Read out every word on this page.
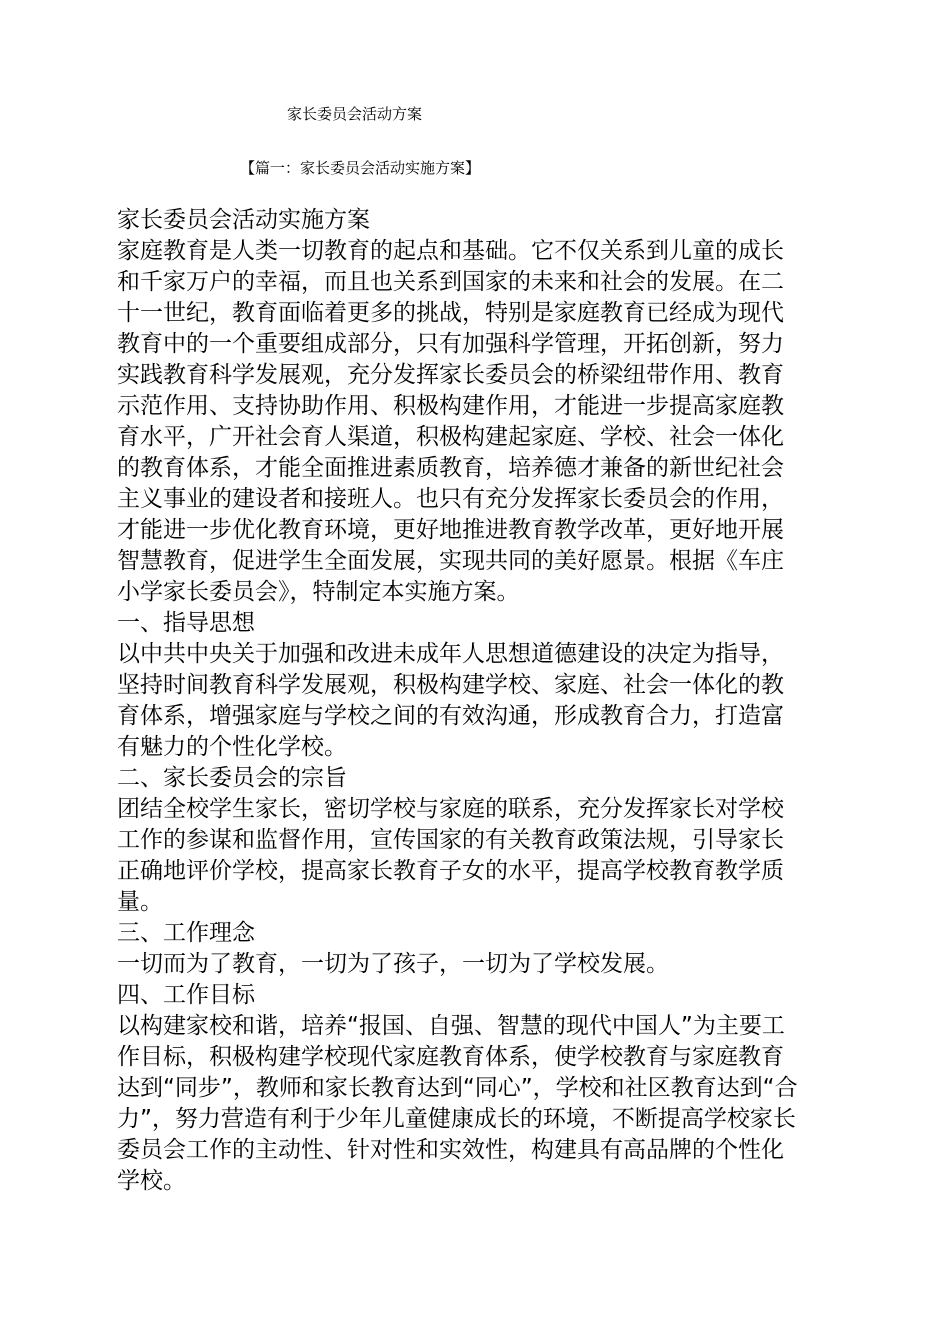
家长委员会活动方案
【篇一：家长委员会活动实施方案】
家长委员会活动实施方案
家庭教育是人类一切教育的起点和基础。它不仅关系到儿童的成长
和千家万户的幸福，而且也关系到国家的未来和社会的发展。在二
十一世纪，教育面临着更多的挑战，特别是家庭教育已经成为现代
教育中的一个重要组成部分，只有加强科学管理，开拓创新，努力
实践教育科学发展观，充分发挥家长委员会的桥梁纽带作用、教育
示范作用、支持协助作用、积极构建作用，才能进一步提高家庭教
育水平，广开社会育人渠道，积极构建起家庭、学校、社会一体化
的教育体系，才能全面推进素质教育，培养德才兼备的新世纪社会
主义事业的建设者和接班人。也只有充分发挥家长委员会的作用，
才能进一步优化教育环境，更好地推进教育教学改革，更好地开展
智慧教育，促进学生全面发展，实现共同的美好愿景。根据《车庄
小学家长委员会》，特制定本实施方案。
一、指导思想
以中共中央关于加强和改进未成年人思想道德建设的决定为指导，
坚持时间教育科学发展观，积极构建学校、家庭、社会一体化的教
育体系，增强家庭与学校之间的有效沟通，形成教育合力，打造富
有魅力的个性化学校。
二、家长委员会的宗旨
团结全校学生家长，密切学校与家庭的联系，充分发挥家长对学校
工作的参谋和监督作用，宣传国家的有关教育政策法规，引导家长
正确地评价学校，提高家长教育子女的水平，提高学校教育教学质
量。
三、工作理念
一切而为了教育，一切为了孩子，一切为了学校发展。
四、工作目标
以构建家校和谐，培养“报国、自强、智慧的现代中国人”为主要工
作目标，积极构建学校现代家庭教育体系，使学校教育与家庭教育
达到“同步”，教师和家长教育达到“同心”，学校和社区教育达到“合
力”，努力营造有利于少年儿童健康成长的环境，不断提高学校家长
委员会工作的主动性、针对性和实效性，构建具有高品牌的个性化
学校。
